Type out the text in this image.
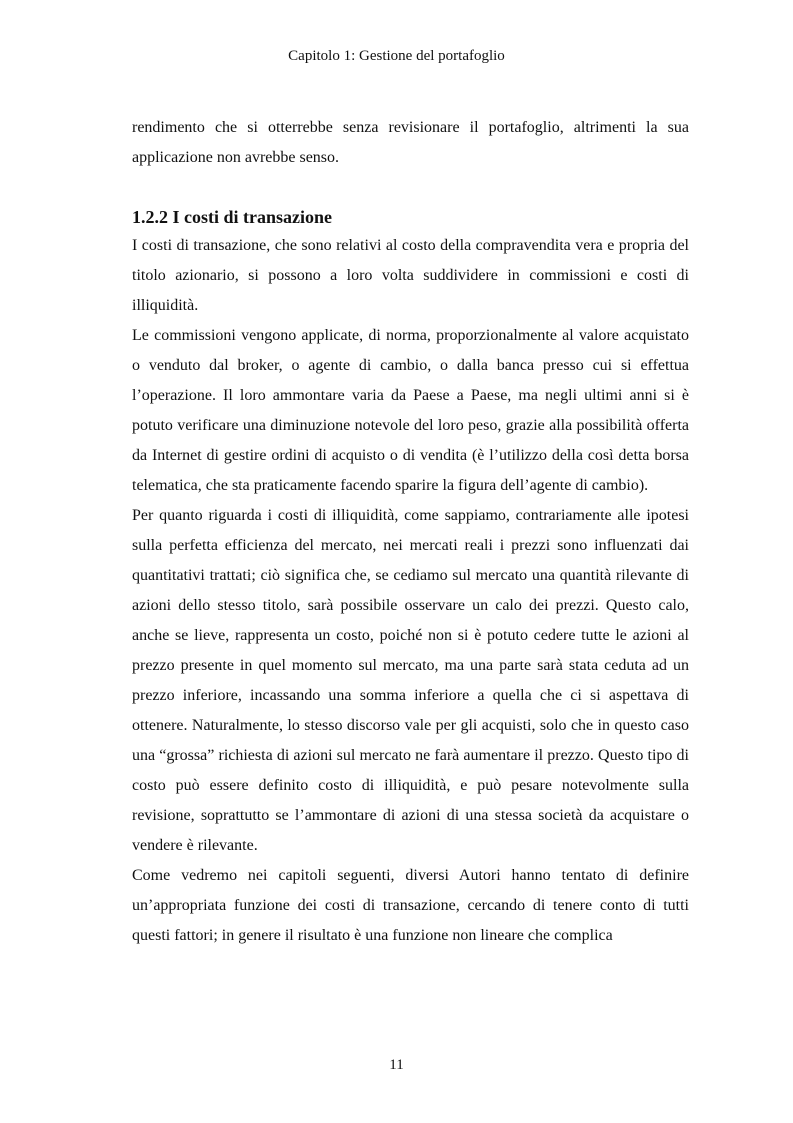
Capitolo 1: Gestione del portafoglio

rendimento che si otterrebbe senza revisionare il portafoglio, altrimenti la sua applicazione non avrebbe senso.

1.2.2 I costi di transazione

I costi di transazione, che sono relativi al costo della compravendita vera e propria del titolo azionario, si possono a loro volta suddividere in commissioni e costi di illiquidità.

Le commissioni vengono applicate, di norma, proporzionalmente al valore acquistato o venduto dal broker, o agente di cambio, o dalla banca presso cui si effettua l’operazione. Il loro ammontare varia da Paese a Paese, ma negli ultimi anni si è potuto verificare una diminuzione notevole del loro peso, grazie alla possibilità offerta da Internet di gestire ordini di acquisto o di vendita (è l’utilizzo della così detta borsa telematica, che sta praticamente facendo sparire la figura dell’agente di cambio).

Per quanto riguarda i costi di illiquidità, come sappiamo, contrariamente alle ipotesi sulla perfetta efficienza del mercato, nei mercati reali i prezzi sono influenzati dai quantitativi trattati; ciò significa che, se cediamo sul mercato una quantità rilevante di azioni dello stesso titolo, sarà possibile osservare un calo dei prezzi. Questo calo, anche se lieve, rappresenta un costo, poiché non si è potuto cedere tutte le azioni al prezzo presente in quel momento sul mercato, ma una parte sarà stata ceduta ad un prezzo inferiore, incassando una somma inferiore a quella che ci si aspettava di ottenere. Naturalmente, lo stesso discorso vale per gli acquisti, solo che in questo caso una “grossa” richiesta di azioni sul mercato ne farà aumentare il prezzo. Questo tipo di costo può essere definito costo di illiquidità, e può pesare notevolmente sulla revisione, soprattutto se l’ammontare di azioni di una stessa società da acquistare o vendere è rilevante.

Come vedremo nei capitoli seguenti, diversi Autori hanno tentato di definire un’appropriata funzione dei costi di transazione, cercando di tenere conto di tutti questi fattori; in genere il risultato è una funzione non lineare che complica

11
